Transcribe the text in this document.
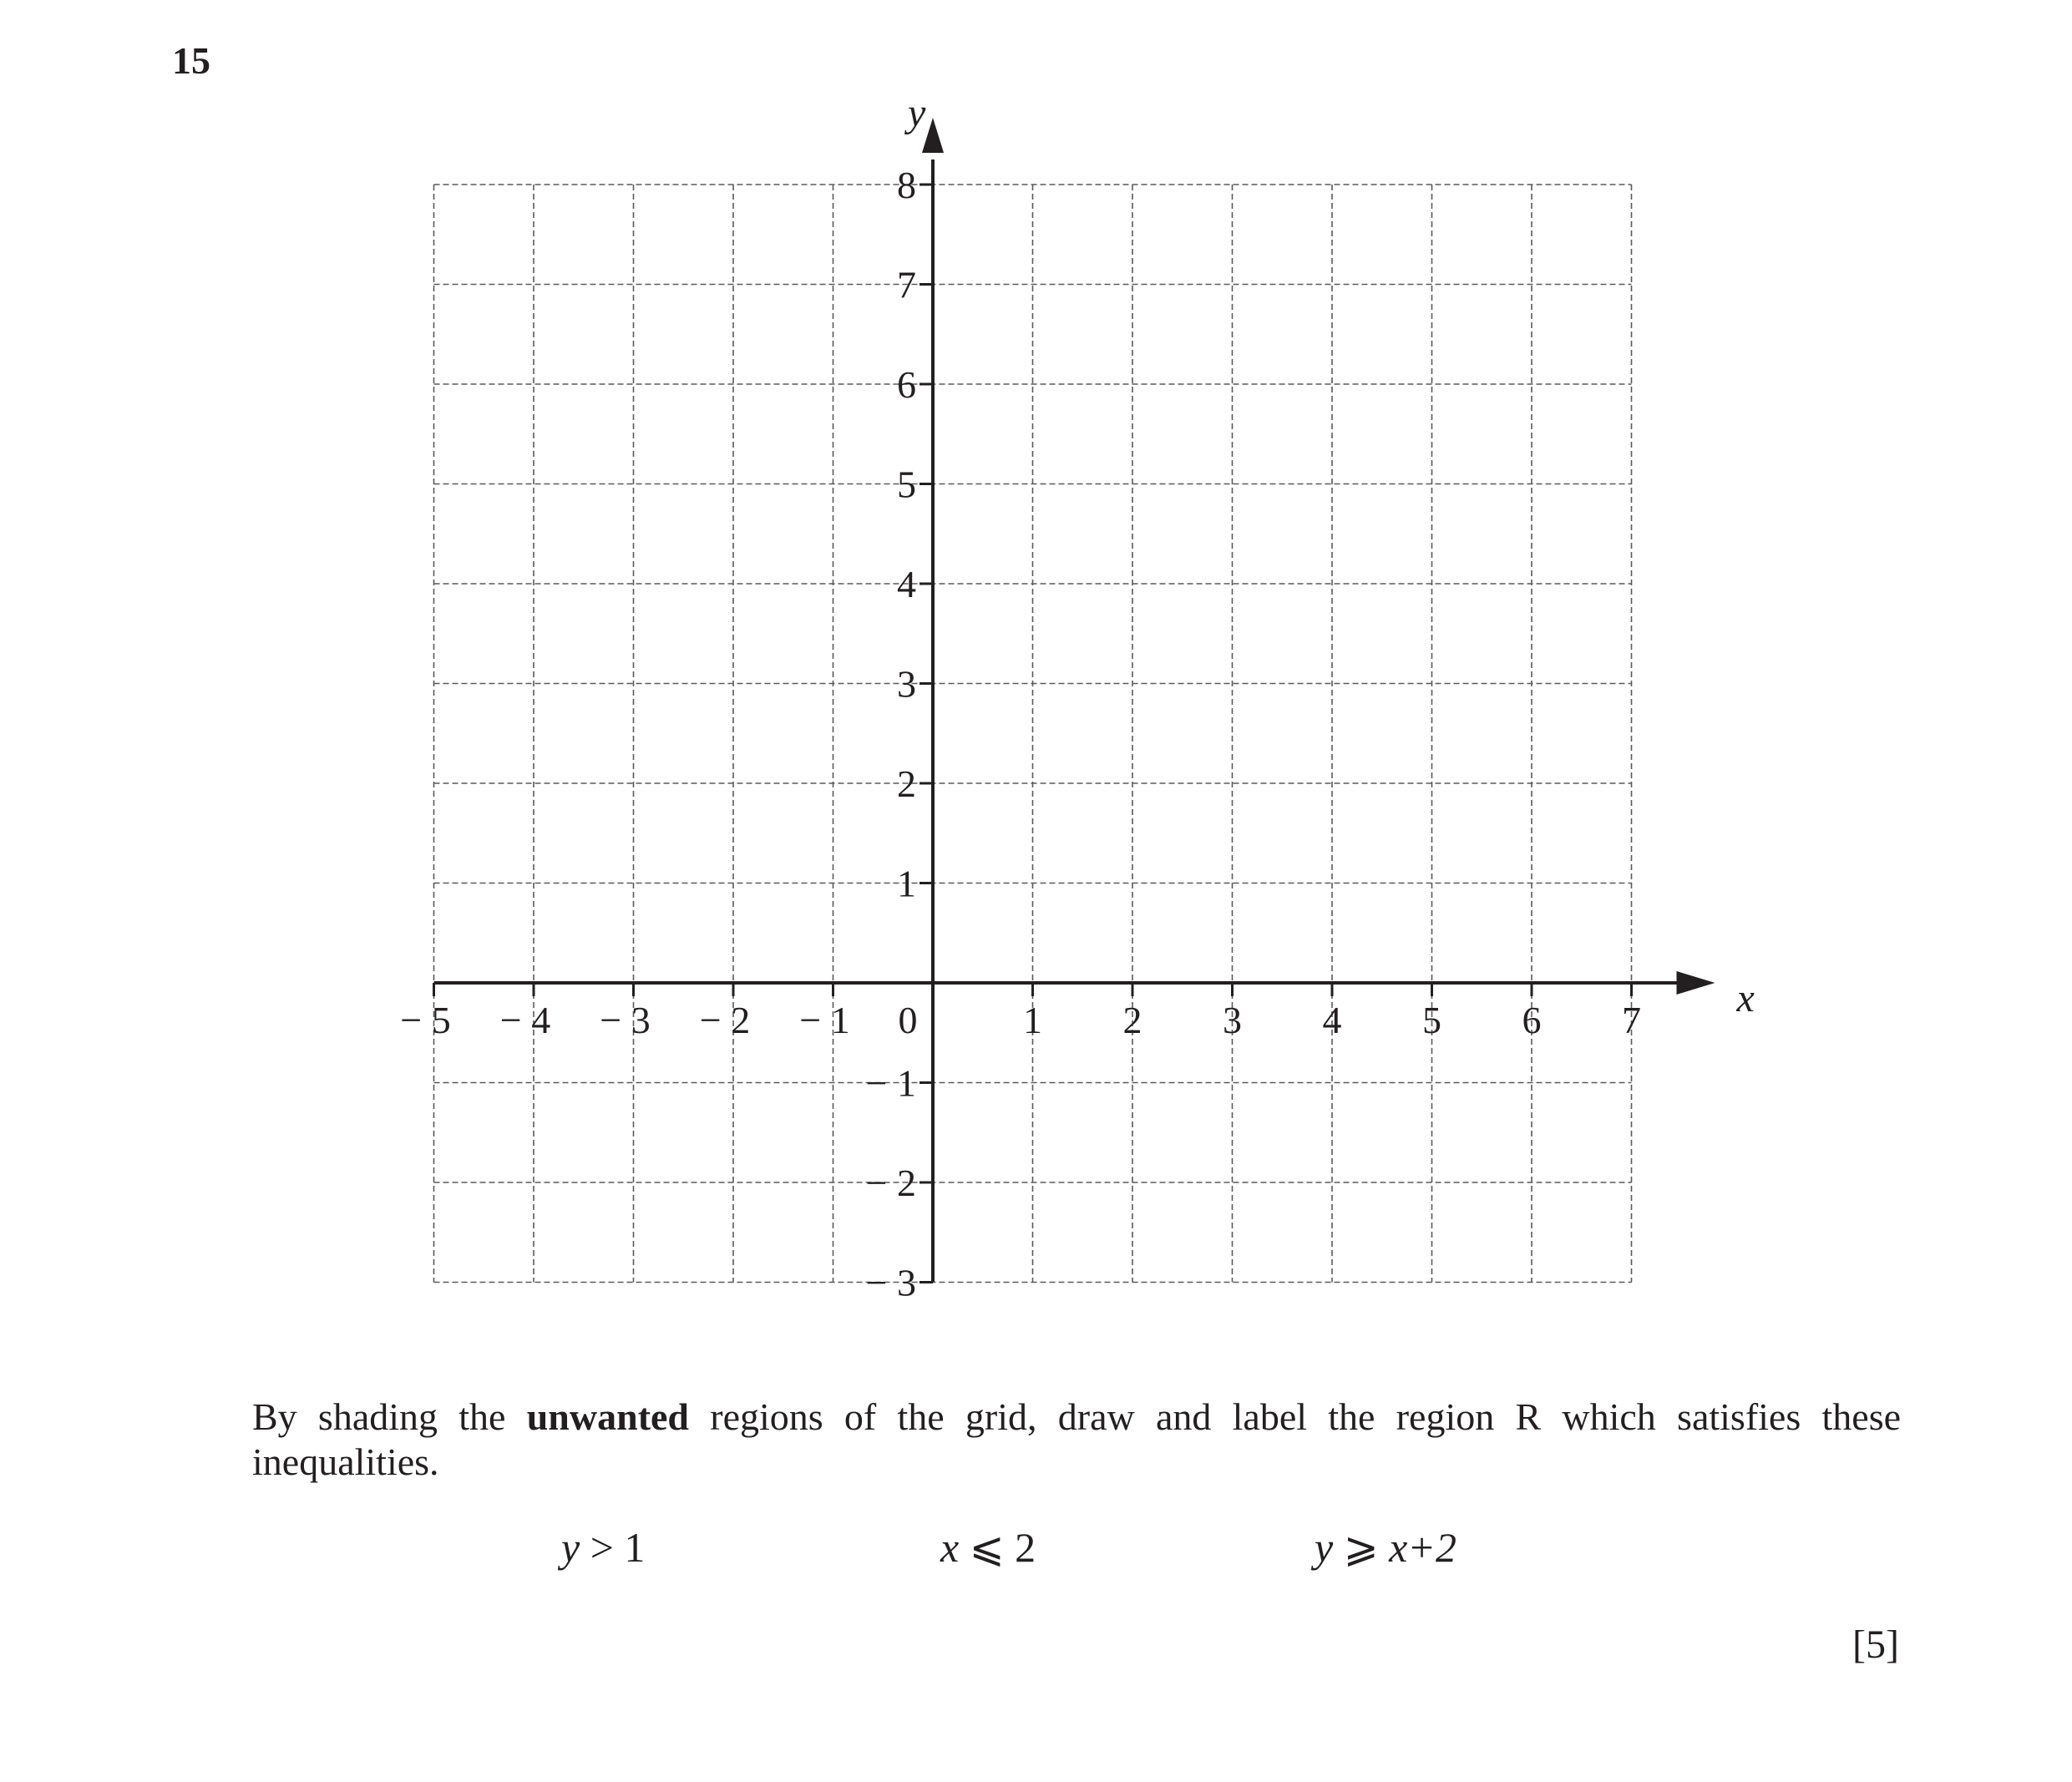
15

x
y
− 5 − 4 − 3 − 2 − 1 0	1 2 3 4 5 6 7
− 3
− 2
− 1
1
2
3
4
5
6
7
8

By shading the unwanted regions of the grid, draw and label the region R which satisfies these inequalities.

y > 1	x ⩽ 2	y ⩾ x+2

[5]
